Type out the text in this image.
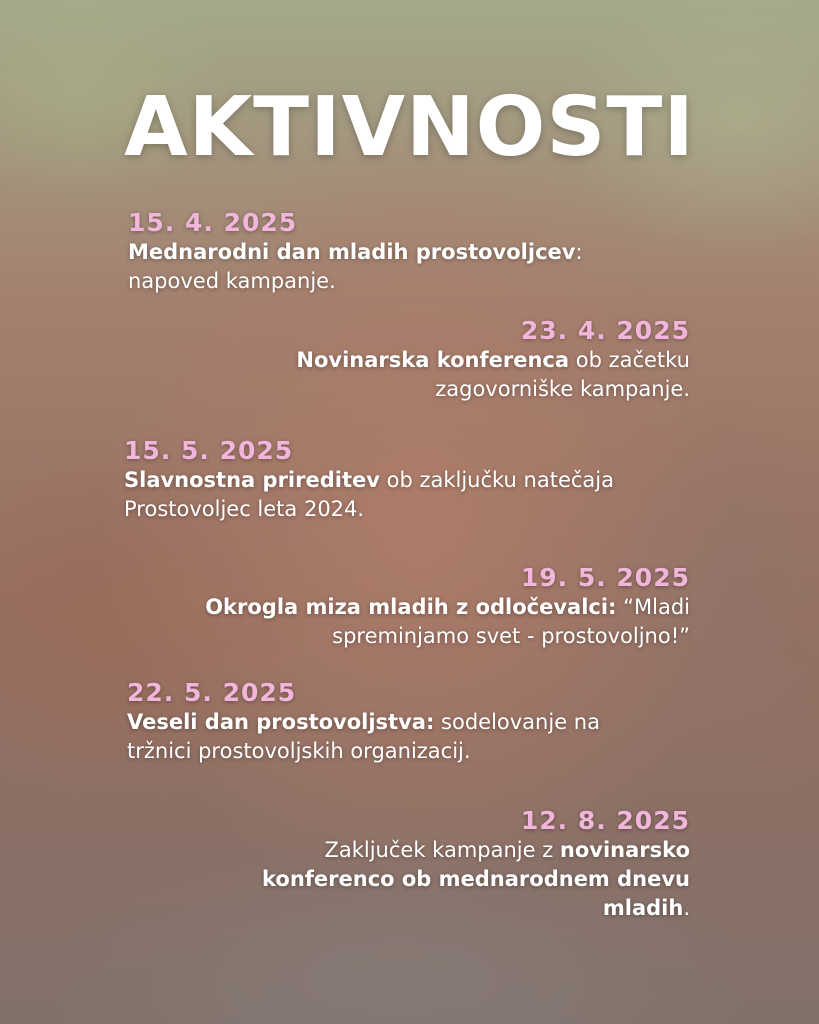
AKTIVNOSTI
15. 4. 2025
Mednarodni dan mladih prostovoljcev: napoved kampanje.
23. 4. 2025
Novinarska konferenca ob začetku zagovorniške kampanje.
15. 5. 2025
Slavnostna prireditev ob zaključku natečaja Prostovoljec leta 2024.
19. 5. 2025
Okrogla miza mladih z odločevalci: “Mladi spreminjamo svet - prostovoljno!”
22. 5. 2025
Veseli dan prostovoljstva: sodelovanje na tržnici prostovoljskih organizacij.
12. 8. 2025
Zaključek kampanje z novinarsko konferenco ob mednarodnem dnevu mladih.
